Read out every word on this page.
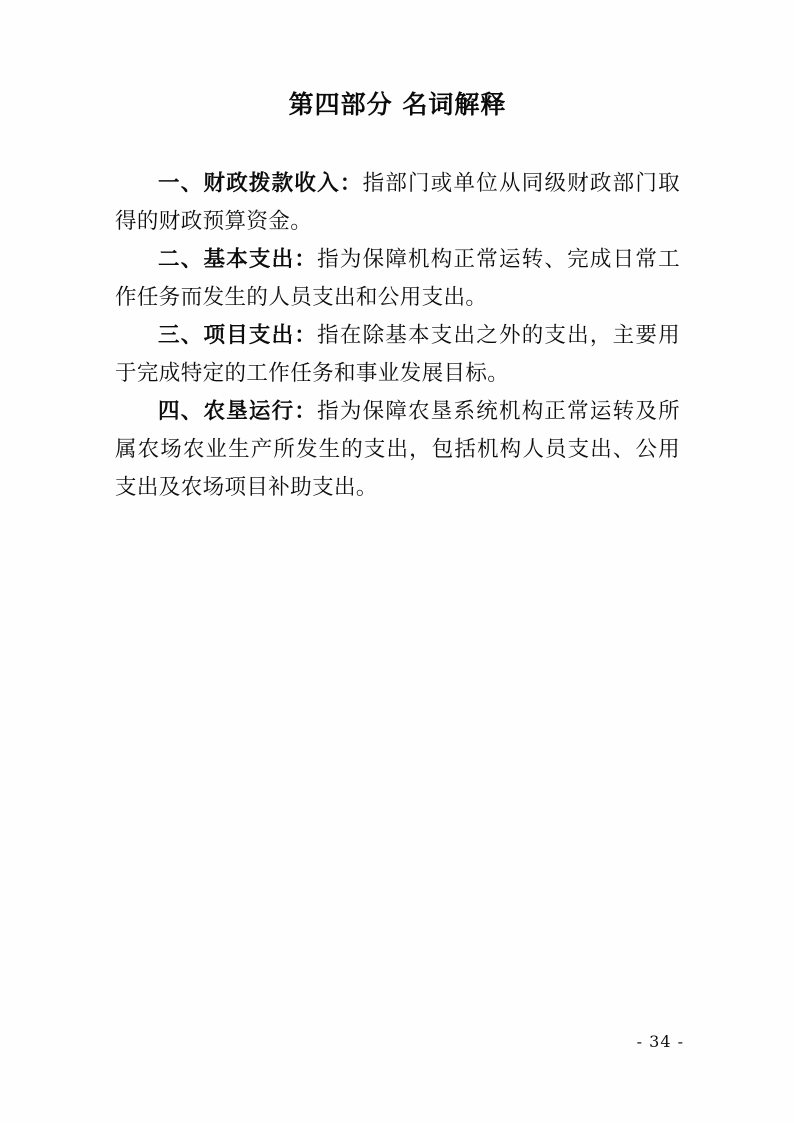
第四部分 名词解释

一、财政拨款收入：指部门或单位从同级财政部门取得的财政预算资金。

二、基本支出：指为保障机构正常运转、完成日常工作任务而发生的人员支出和公用支出。

三、项目支出：指在除基本支出之外的支出，主要用于完成特定的工作任务和事业发展目标。

四、农垦运行：指为保障农垦系统机构正常运转及所属农场农业生产所发生的支出，包括机构人员支出、公用支出及农场项目补助支出。

- 34 -
